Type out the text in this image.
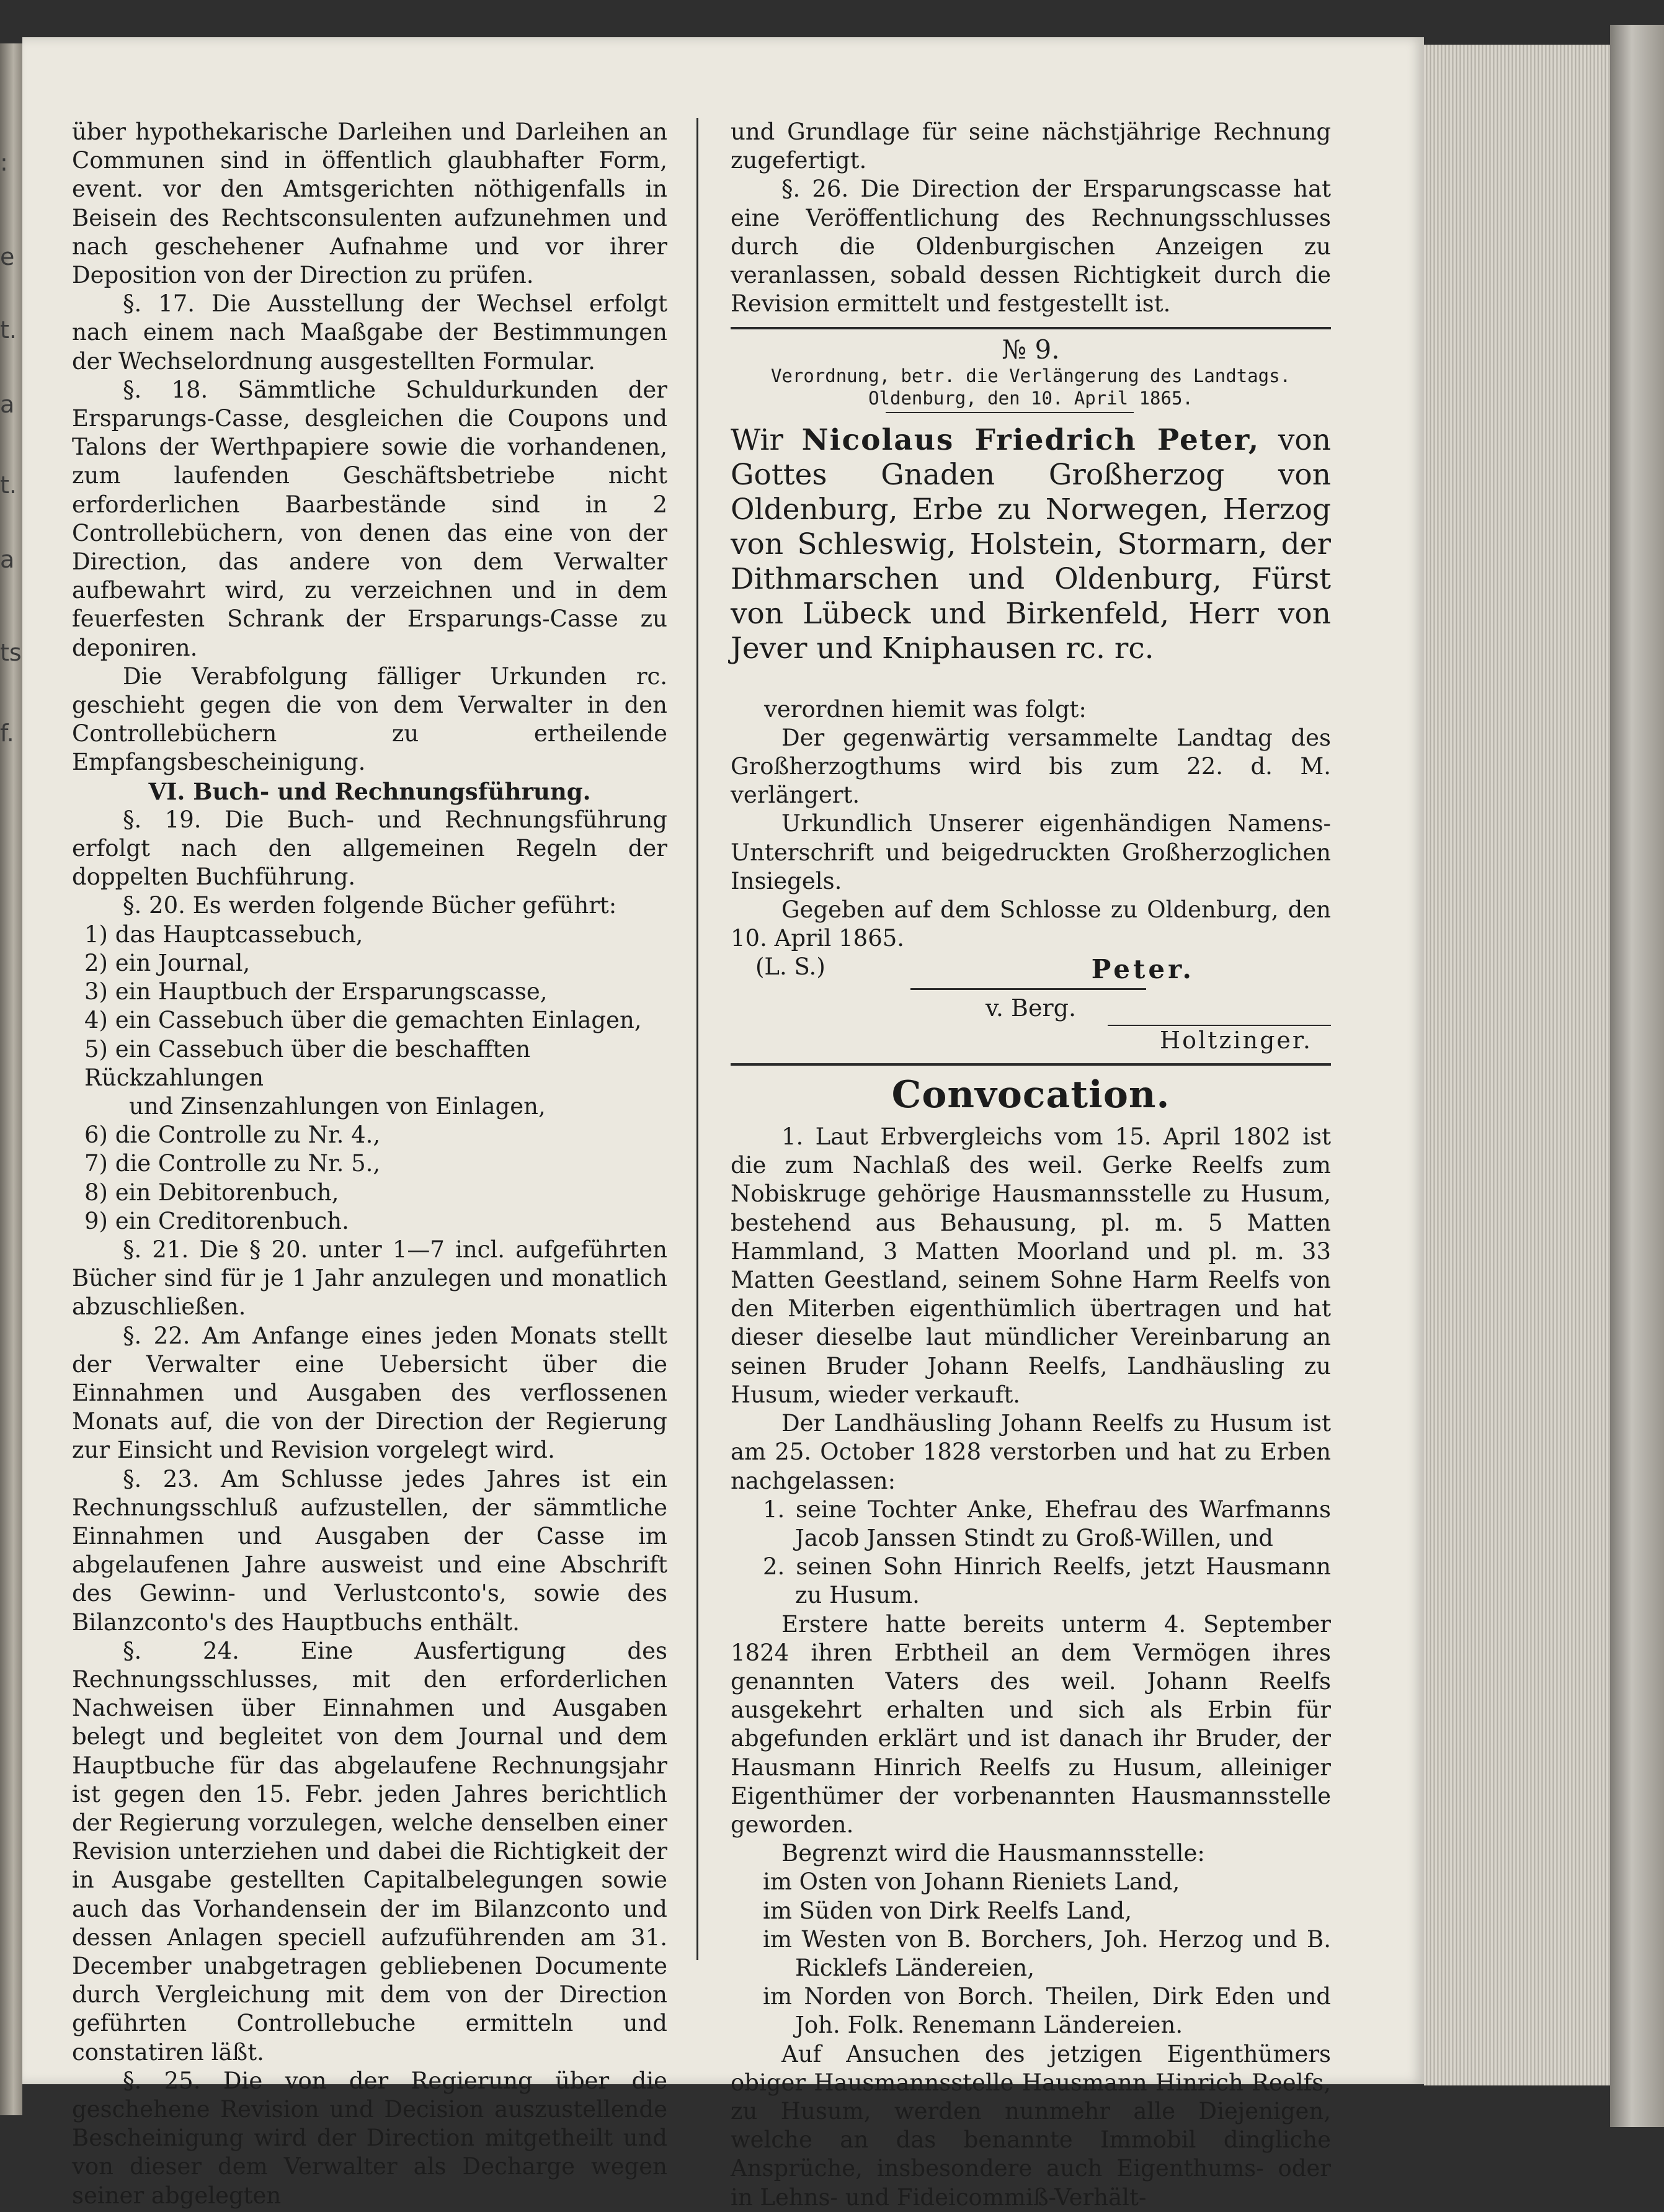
:
e
t.
a
t.
a
ts
f.

über hypothekarische Darleihen und Darleihen an Communen sind in öffentlich glaubhafter Form, event. vor den Amtsgerichten nöthigenfalls in Beisein des Rechtsconsulenten aufzunehmen und nach geschehener Aufnahme und vor ihrer Deposition von der Direction zu prüfen.

§. 17. Die Ausstellung der Wechsel erfolgt nach einem nach Maaßgabe der Bestimmungen der Wechselordnung ausgestellten Formular.

§. 18. Sämmtliche Schuldurkunden der Ersparungs-Casse, desgleichen die Coupons und Talons der Werthpapiere sowie die vorhandenen, zum laufenden Geschäftsbetriebe nicht erforderlichen Baarbestände sind in 2 Controllebüchern, von denen das eine von der Direction, das andere von dem Verwalter aufbewahrt wird, zu verzeichnen und in dem feuerfesten Schrank der Ersparungs-Casse zu deponiren.

Die Verabfolgung fälliger Urkunden rc. geschieht gegen die von dem Verwalter in den Controllebüchern zu ertheilende Empfangsbescheinigung.

VI. Buch- und Rechnungsführung.

§. 19. Die Buch- und Rechnungsführung erfolgt nach den allgemeinen Regeln der doppelten Buchführung.

§. 20. Es werden folgende Bücher geführt:

1) das Hauptcassebuch,
2) ein Journal,
3) ein Hauptbuch der Ersparungscasse,
4) ein Cassebuch über die gemachten Einlagen,
5) ein Cassebuch über die beschafften Rückzahlungen
und Zinsenzahlungen von Einlagen,
6) die Controlle zu Nr. 4.,
7) die Controlle zu Nr. 5.,
8) ein Debitorenbuch,
9) ein Creditorenbuch.

§. 21. Die § 20. unter 1—7 incl. aufgeführten Bücher sind für je 1 Jahr anzulegen und monatlich abzuschließen.

§. 22. Am Anfange eines jeden Monats stellt der Verwalter eine Uebersicht über die Einnahmen und Ausgaben des verflossenen Monats auf, die von der Direction der Regierung zur Einsicht und Revision vorgelegt wird.

§. 23. Am Schlusse jedes Jahres ist ein Rechnungsschluß aufzustellen, der sämmtliche Einnahmen und Ausgaben der Casse im abgelaufenen Jahre ausweist und eine Abschrift des Gewinn- und Verlustconto's, sowie des Bilanzconto's des Hauptbuchs enthält.

§. 24. Eine Ausfertigung des Rechnungsschlusses, mit den erforderlichen Nachweisen über Einnahmen und Ausgaben belegt und begleitet von dem Journal und dem Hauptbuche für das abgelaufene Rechnungsjahr ist gegen den 15. Febr. jeden Jahres berichtlich der Regierung vorzulegen, welche denselben einer Revision unterziehen und dabei die Richtigkeit der in Ausgabe gestellten Capitalbelegungen sowie auch das Vorhandensein der im Bilanzconto und dessen Anlagen speciell aufzuführenden am 31. December unabgetragen gebliebenen Documente durch Vergleichung mit dem von der Direction geführten Controllebuche ermitteln und constatiren läßt.

§. 25. Die von der Regierung über die geschehene Revision und Decision auszustellende Bescheinigung wird der Direction mitgetheilt und von dieser dem Verwalter als Decharge wegen seiner abgelegten

und Grundlage für seine nächstjährige Rechnung zugefertigt.

§. 26. Die Direction der Ersparungscasse hat eine Veröffentlichung des Rechnungsschlusses durch die Oldenburgischen Anzeigen zu veranlassen, sobald dessen Richtigkeit durch die Revision ermittelt und festgestellt ist.

№ 9.

Verordnung, betr. die Verlängerung des Landtags.
Oldenburg, den 10. April 1865.

Wir Nicolaus Friedrich Peter, von Gottes Gnaden Großherzog von Oldenburg, Erbe zu Norwegen, Herzog von Schleswig, Holstein, Stormarn, der Dithmarschen und Oldenburg, Fürst von Lübeck und Birkenfeld, Herr von Jever und Kniphausen rc. rc.

verordnen hiemit was folgt:

Der gegenwärtig versammelte Landtag des Großherzogthums wird bis zum 22. d. M. verlängert.

Urkundlich Unserer eigenhändigen Namens-Unterschrift und beigedruckten Großherzoglichen Insiegels.

Gegeben auf dem Schlosse zu Oldenburg, den 10. April 1865.

(L. S.)	Peter.
v. Berg.
Holtzinger.
Convocation.

1. Laut Erbvergleichs vom 15. April 1802 ist die zum Nachlaß des weil. Gerke Reelfs zum Nobiskruge gehörige Hausmannsstelle zu Husum, bestehend aus Behausung, pl. m. 5 Matten Hammland, 3 Matten Moorland und pl. m. 33 Matten Geestland, seinem Sohne Harm Reelfs von den Miterben eigenthümlich übertragen und hat dieser dieselbe laut mündlicher Vereinbarung an seinen Bruder Johann Reelfs, Landhäusling zu Husum, wieder verkauft.

Der Landhäusling Johann Reelfs zu Husum ist am 25. October 1828 verstorben und hat zu Erben nachgelassen:

1. seine Tochter Anke, Ehefrau des Warfmanns Jacob Janssen Stindt zu Groß-Willen, und
2. seinen Sohn Hinrich Reelfs, jetzt Hausmann zu Husum.

Erstere hatte bereits unterm 4. September 1824 ihren Erbtheil an dem Vermögen ihres genannten Vaters des weil. Johann Reelfs ausgekehrt erhalten und sich als Erbin für abgefunden erklärt und ist danach ihr Bruder, der Hausmann Hinrich Reelfs zu Husum, alleiniger Eigenthümer der vorbenannten Hausmannsstelle geworden.

Begrenzt wird die Hausmannsstelle:

im Osten von Johann Rieniets Land,
im Süden von Dirk Reelfs Land,
im Westen von B. Borchers, Joh. Herzog und B. Ricklefs Ländereien,
im Norden von Borch. Theilen, Dirk Eden und Joh. Folk. Renemann Ländereien.

Auf Ansuchen des jetzigen Eigenthümers obiger Hausmannsstelle Hausmann Hinrich Reelfs, zu Husum, werden nunmehr alle Diejenigen, welche an das benannte Immobil dingliche Ansprüche, insbesondere auch Eigenthums- oder in Lehns- und Fideicommiß-Verhält-
